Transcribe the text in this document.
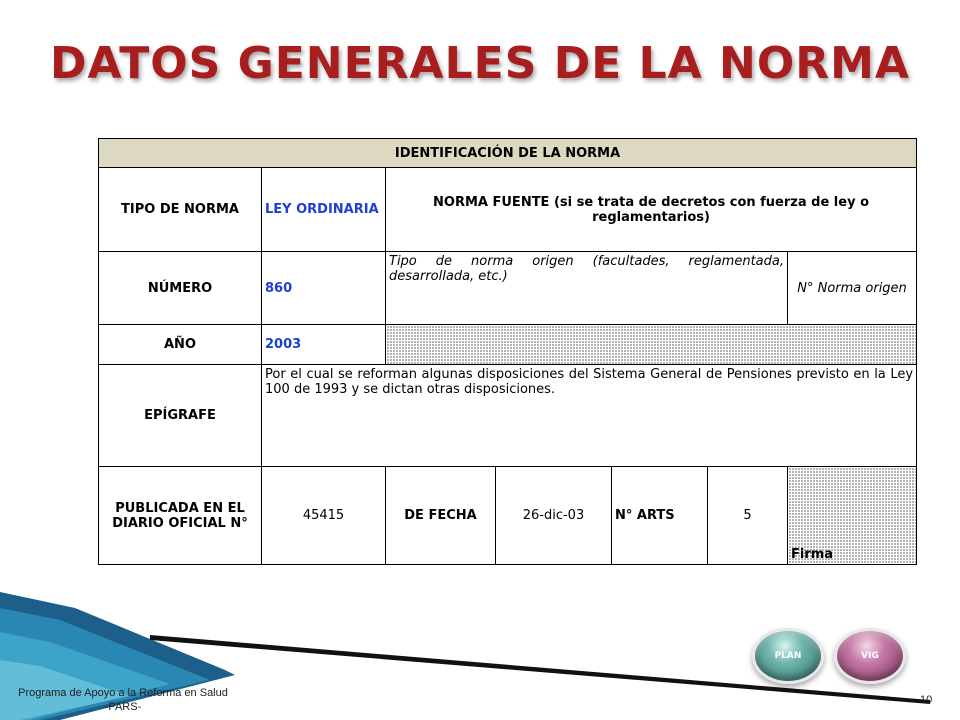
DATOS GENERALES DE LA NORMA
IDENTIFICACIÓN DE LA NORMA						
TIPO DE NORMA	LEY ORDINARIA	NORMA FUENTE (si se trata de decretos con fuerza de ley o reglamentarios)				
NÚMERO	860	Tipo de norma origen (facultades, reglamentada, desarrollada, etc.)				N° Norma origen
AÑO	2003					
EPÍGRAFE	Por el cual se reforman algunas disposiciones del Sistema General de Pensiones previsto en la Ley 100 de 1993 y se dictan otras disposiciones.					
PUBLICADA EN EL DIARIO OFICIAL N°	45415	DE FECHA	26-dic-03	N° ARTS	5	Firma
PLAN	VIG
Programa de Apoyo a la Reforma en Salud -PARS-
10
